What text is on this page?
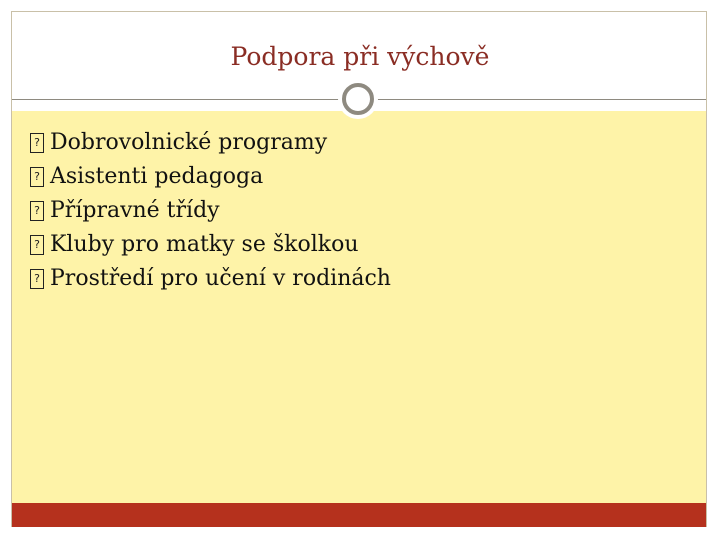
Podpora při výchově
?
Dobrovolnické programy
?
Asistenti pedagoga
?
Přípravné třídy
?
Kluby pro matky se školkou
?
Prostředí pro učení v rodinách
